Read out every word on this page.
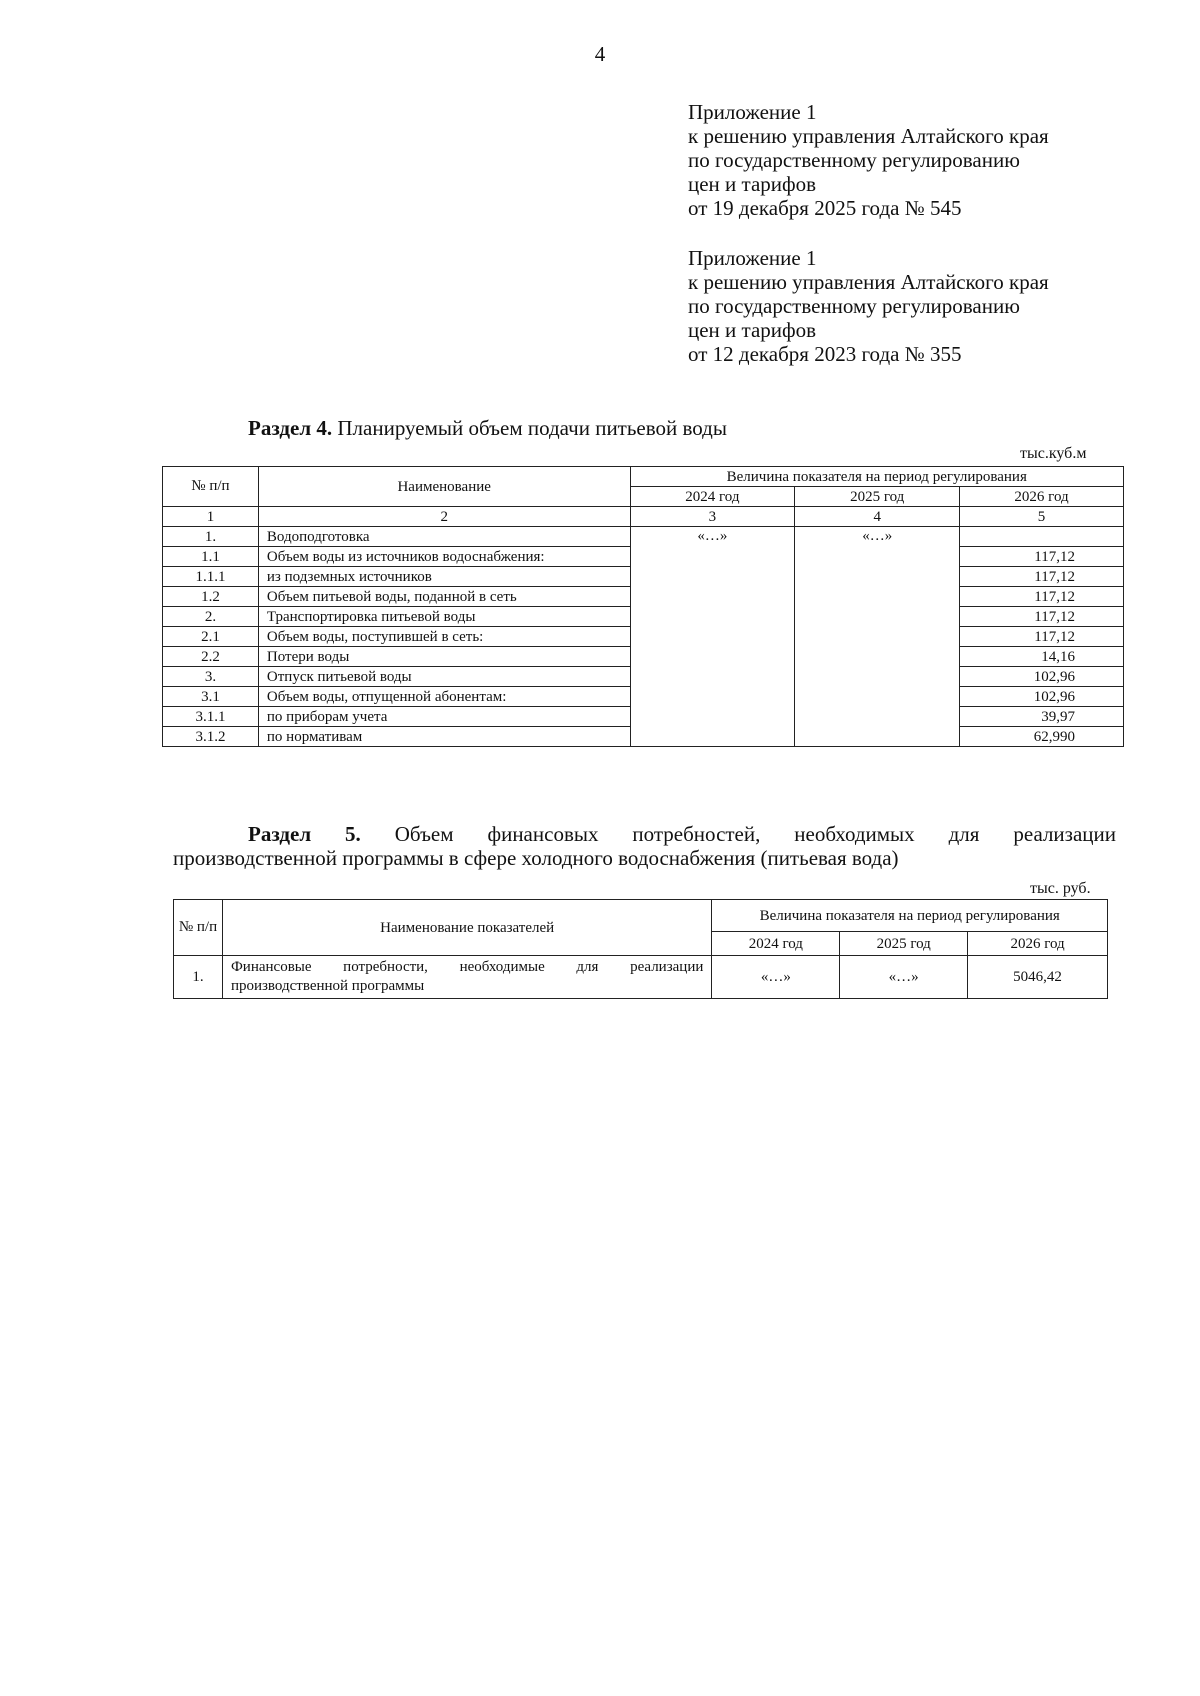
4
Приложение 1
к решению управления Алтайского края
по государственному регулированию
цен и тарифов
от 19 декабря 2025 года № 545
Приложение 1
к решению управления Алтайского края
по государственному регулированию
цен и тарифов
от 12 декабря 2023 года № 355
Раздел 4. Планируемый объем подачи питьевой воды
тыс.куб.м
№ п/п	Наименование	Величина показателя на период регулирования		
		2024 год	2025 год	2026 год
1	2	3	4	5
1.	Водоподготовка	«…»	«…»	
1.1	Объем воды из источников водоснабжения:			117,12
1.1.1	из подземных источников			117,12
1.2	Объем питьевой воды, поданной в сеть			117,12
2.	Транспортировка питьевой воды			117,12
2.1	Объем воды, поступившей в сеть:			117,12
2.2	Потери воды			14,16
3.	Отпуск питьевой воды			102,96
3.1	Объем воды, отпущенной абонентам:			102,96
3.1.1	по приборам учета			39,97
3.1.2	по нормативам			62,990
Раздел 5. Объем финансовых потребностей, необходимых для реализации
производственной программы в сфере холодного водоснабжения (питьевая вода)
тыс. руб.
№ п/п	Наименование показателей	Величина показателя на период регулирования		
		2024 год	2025 год	2026 год
1.	Финансовые потребности, необходимые для реализации производственной программы	«…»	«…»	5046,42
